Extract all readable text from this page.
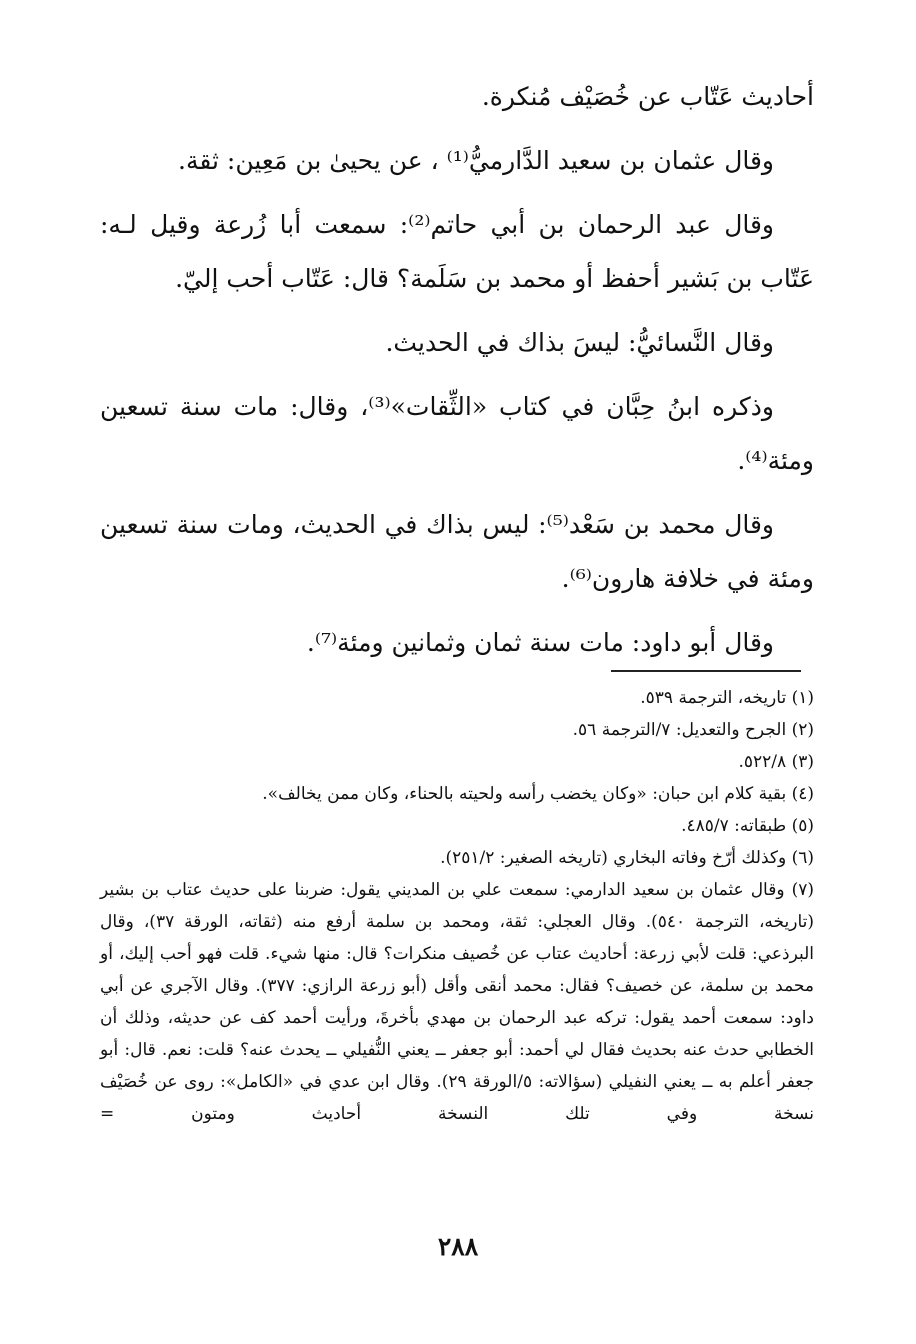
أحاديث عَتّاب عن خُصَيْف مُنكرة.

وقال عثمان بن سعيد الدَّارميُّ⁽¹⁾ ، عن يحيىٰ بن مَعِين: ثقة.

وقال عبد الرحمان بن أبي حاتم⁽²⁾: سمعت أبا زُرعة وقيل لـه: عَتّاب بن بَشير أحفظ أو محمد بن سَلَمة؟ قال: عَتّاب أحب إليّ.

وقال النَّسائيُّ: ليسَ بذاك في الحديث.

وذكره ابنُ حِبَّان في كتاب «الثِّقات»⁽³⁾، وقال: مات سنة تسعين ومئة⁽⁴⁾.

وقال محمد بن سَعْد⁽⁵⁾: ليس بذاك في الحديث، ومات سنة تسعين ومئة في خلافة هارون⁽⁶⁾.

وقال أبو داود: مات سنة ثمان وثمانين ومئة⁽⁷⁾.

(١) تاريخه، الترجمة ٥٣٩.

(٢) الجرح والتعديل: ٧/الترجمة ٥٦.

(٣) ٥٢٢/٨.

(٤) بقية كلام ابن حبان: «وكان يخضب رأسه ولحيته بالحناء، وكان ممن يخالف».

(٥) طبقاته: ٤٨٥/٧.

(٦) وكذلك أرّخ وفاته البخاري (تاريخه الصغير: ٢٥١/٢).

(٧) وقال عثمان بن سعيد الدارمي: سمعت علي بن المديني يقول: ضربنا على حديث عتاب بن بشير (تاريخه، الترجمة ٥٤٠). وقال العجلي: ثقة، ومحمد بن سلمة أرفع منه (ثقاته، الورقة ٣٧)، وقال البرذعي: قلت لأبي زرعة: أحاديث عتاب عن خُصيف منكرات؟ قال: منها شيء. قلت فهو أحب إليك، أو محمد بن سلمة، عن خصيف؟ فقال: محمد أنقى وأقل (أبو زرعة الرازي: ٣٧٧). وقال الآجري عن أبي داود: سمعت أحمد يقول: تركه عبد الرحمان بن مهدي بأخرةَ، ورأيت أحمد كف عن حديثه، وذلك أن الخطابي حدث عنه بحديث فقال لي أحمد: أبو جعفر ــ يعني النُّفيلي ــ يحدث عنه؟ قلت: نعم. قال: أبو جعفر أعلم به ــ يعني النفيلي (سؤالاته: ٥/الورقة ٢٩). وقال ابن عدي في «الكامل»: روى عن خُصَيْف نسخة وفي تلك النسخة أحاديث ومتون =

٢٨٨
